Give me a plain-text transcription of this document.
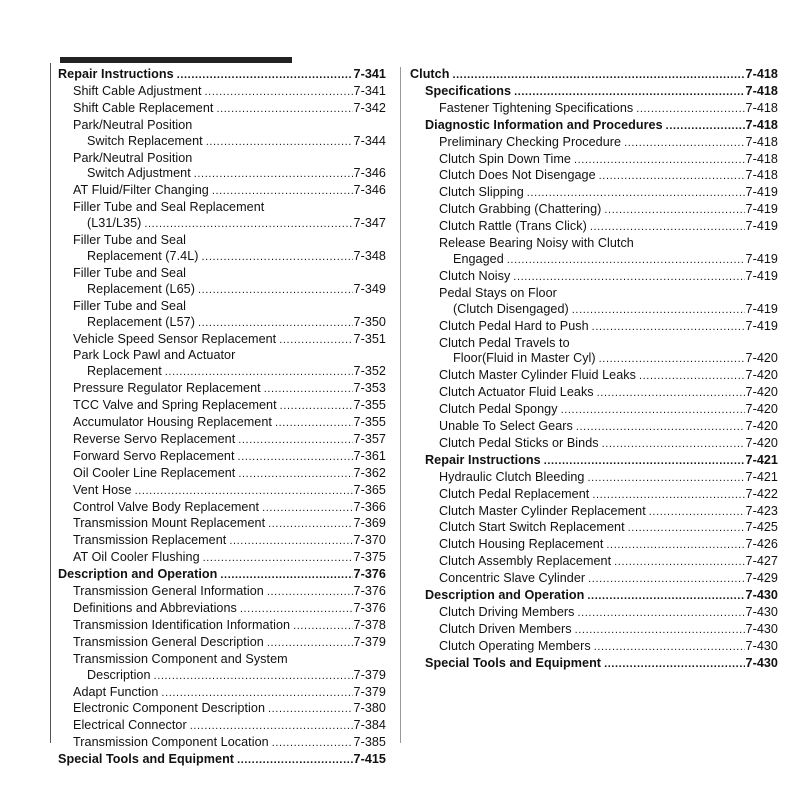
Repair Instructions .....	7-341
Shift Cable Adjustment .....	7-341
Shift Cable Replacement .....	7-342
Park/Neutral Position
Switch Replacement .....	7-344
Park/Neutral Position
Switch Adjustment .....	7-346
AT Fluid/Filter Changing .....	7-346
Filler Tube and Seal Replacement
(L31/L35) .....	7-347
Filler Tube and Seal
Replacement (7.4L) .....	7-348
Filler Tube and Seal
Replacement (L65) .....	7-349
Filler Tube and Seal
Replacement (L57) .....	7-350
Vehicle Speed Sensor Replacement .....	7-351
Park Lock Pawl and Actuator
Replacement .....	7-352
Pressure Regulator Replacement .....	7-353
TCC Valve and Spring Replacement .....	7-355
Accumulator Housing Replacement .....	7-355
Reverse Servo Replacement .....	7-357
Forward Servo Replacement .....	7-361
Oil Cooler Line Replacement .....	7-362
Vent Hose .....	7-365
Control Valve Body Replacement .....	7-366
Transmission Mount Replacement .....	7-369
Transmission Replacement .....	7-370
AT Oil Cooler Flushing .....	7-375
Description and Operation .....	7-376
Transmission General Information .....	7-376
Definitions and Abbreviations .....	7-376
Transmission Identification Information .....	7-378
Transmission General Description .....	7-379
Transmission Component and System
Description .....	7-379
Adapt Function .....	7-379
Electronic Component Description .....	7-380
Electrical Connector .....	7-384
Transmission Component Location .....	7-385
Special Tools and Equipment .....	7-415
Clutch .....	7-418
Specifications .....	7-418
Fastener Tightening Specifications .....	7-418
Diagnostic Information and Procedures .....	7-418
Preliminary Checking Procedure .....	7-418
Clutch Spin Down Time .....	7-418
Clutch Does Not Disengage .....	7-418
Clutch Slipping .....	7-419
Clutch Grabbing (Chattering) .....	7-419
Clutch Rattle (Trans Click) .....	7-419
Release Bearing Noisy with Clutch
Engaged .....	7-419
Clutch Noisy .....	7-419
Pedal Stays on Floor
(Clutch Disengaged) .....	7-419
Clutch Pedal Hard to Push .....	7-419
Clutch Pedal Travels to
Floor(Fluid in Master Cyl) .....	7-420
Clutch Master Cylinder Fluid Leaks .....	7-420
Clutch Actuator Fluid Leaks .....	7-420
Clutch Pedal Spongy .....	7-420
Unable To Select Gears .....	7-420
Clutch Pedal Sticks or Binds .....	7-420
Repair Instructions .....	7-421
Hydraulic Clutch Bleeding .....	7-421
Clutch Pedal Replacement .....	7-422
Clutch Master Cylinder Replacement .....	7-423
Clutch Start Switch Replacement .....	7-425
Clutch Housing Replacement .....	7-426
Clutch Assembly Replacement .....	7-427
Concentric Slave Cylinder .....	7-429
Description and Operation .....	7-430
Clutch Driving Members .....	7-430
Clutch Driven Members .....	7-430
Clutch Operating Members .....	7-430
Special Tools and Equipment .....	7-430
